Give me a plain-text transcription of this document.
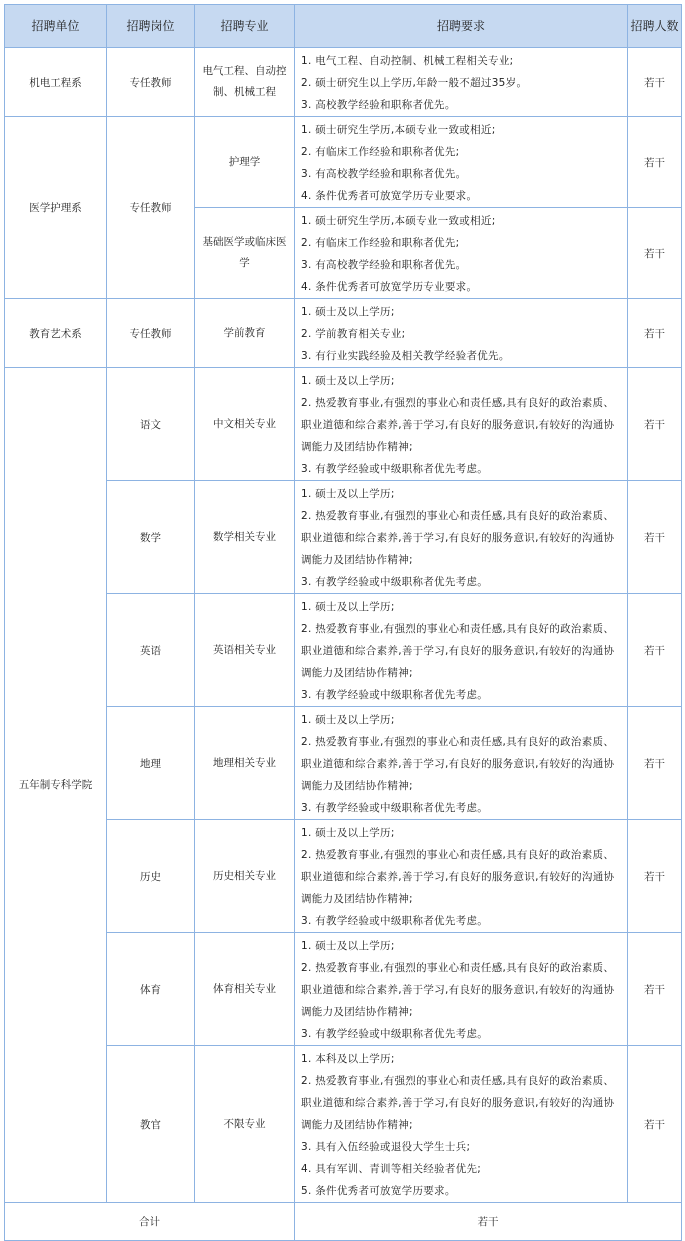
招聘单位	招聘岗位	招聘专业	招聘要求	招聘人数
机电工程系	专任教师	电气工程、自动控制、机械工程	1. 电气工程、自动控制、机械工程相关专业;
2. 硕士研究生以上学历,年龄一般不超过35岁。
3. 高校教学经验和职称者优先。	若干
医学护理系	专任教师	护理学	1. 硕士研究生学历,本硕专业一致或相近;
2. 有临床工作经验和职称者优先;
3. 有高校教学经验和职称者优先。
4. 条件优秀者可放宽学历专业要求。	若干
		基础医学或临床医学	1. 硕士研究生学历,本硕专业一致或相近;
2. 有临床工作经验和职称者优先;
3. 有高校教学经验和职称者优先。
4. 条件优秀者可放宽学历专业要求。	若干
教育艺术系	专任教师	学前教育	1. 硕士及以上学历;
2. 学前教育相关专业;
3. 有行业实践经验及相关教学经验者优先。	若干
五年制专科学院	语文	中文相关专业	1. 硕士及以上学历;
2. 热爱教育事业,有强烈的事业心和责任感,具有良好的政治素质、职业道德和综合素养,善于学习,有良好的服务意识,有较好的沟通协调能力及团结协作精神;
3. 有教学经验或中级职称者优先考虑。	若干
	数学	数学相关专业	1. 硕士及以上学历;
2. 热爱教育事业,有强烈的事业心和责任感,具有良好的政治素质、职业道德和综合素养,善于学习,有良好的服务意识,有较好的沟通协调能力及团结协作精神;
3. 有教学经验或中级职称者优先考虑。	若干
	英语	英语相关专业	1. 硕士及以上学历;
2. 热爱教育事业,有强烈的事业心和责任感,具有良好的政治素质、职业道德和综合素养,善于学习,有良好的服务意识,有较好的沟通协调能力及团结协作精神;
3. 有教学经验或中级职称者优先考虑。	若干
	地理	地理相关专业	1. 硕士及以上学历;
2. 热爱教育事业,有强烈的事业心和责任感,具有良好的政治素质、职业道德和综合素养,善于学习,有良好的服务意识,有较好的沟通协调能力及团结协作精神;
3. 有教学经验或中级职称者优先考虑。	若干
	历史	历史相关专业	1. 硕士及以上学历;
2. 热爱教育事业,有强烈的事业心和责任感,具有良好的政治素质、职业道德和综合素养,善于学习,有良好的服务意识,有较好的沟通协调能力及团结协作精神;
3. 有教学经验或中级职称者优先考虑。	若干
	体育	体育相关专业	1. 硕士及以上学历;
2. 热爱教育事业,有强烈的事业心和责任感,具有良好的政治素质、职业道德和综合素养,善于学习,有良好的服务意识,有较好的沟通协调能力及团结协作精神;
3. 有教学经验或中级职称者优先考虑。	若干
	教官	不限专业	1. 本科及以上学历;
2. 热爱教育事业,有强烈的事业心和责任感,具有良好的政治素质、职业道德和综合素养,善于学习,有良好的服务意识,有较好的沟通协调能力及团结协作精神;
3. 具有入伍经验或退役大学生士兵;
4. 具有军训、青训等相关经验者优先;
5. 条件优秀者可放宽学历要求。	若干
合计			若干	
